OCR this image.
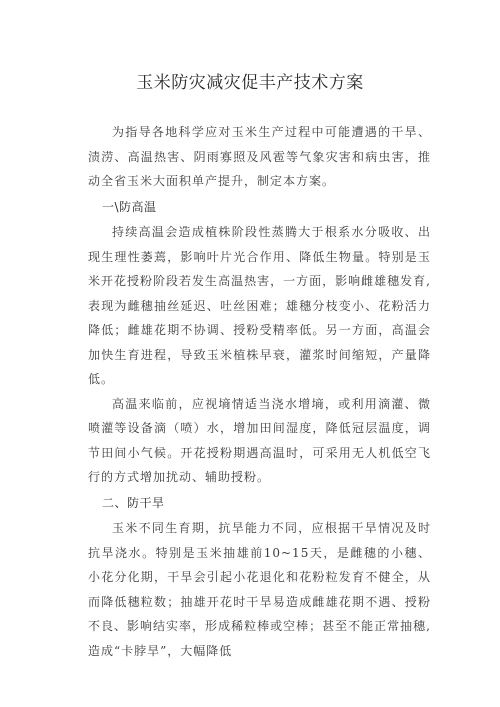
玉米防灾减灾促丰产技术方案

为指导各地科学应对玉米生产过程中可能遭遇的干旱、渍涝、高温热害、阴雨寡照及风雹等气象灾害和病虫害，推动全省玉米大面积单产提升，制定本方案。

一\防高温

持续高温会造成植株阶段性蒸腾大于根系水分吸收、出现生理性萎蔫，影响叶片光合作用、降低生物量。特别是玉米开花授粉阶段若发生高温热害，一方面，影响雌雄穗发育,表现为雌穗抽丝延迟、吐丝困难；雄穗分枝变小、花粉活力降低；雌雄花期不协调、授粉受精率低。另一方面，高温会加快生育进程，导致玉米植株早衰，灌浆时间缩短，产量降低。

高温来临前，应视墒情适当浇水增墒，或利用滴灌、微喷灌等设备滴（喷）水，增加田间湿度，降低冠层温度，调节田间小气候。开花授粉期遇高温时，可采用无人机低空飞行的方式增加扰动、辅助授粉。

二、防干旱

玉米不同生育期，抗旱能力不同，应根据干旱情况及时抗旱浇水。特别是玉米抽雄前10~15天，是雌穗的小穗、小花分化期，干旱会引起小花退化和花粉粒发育不健全，从而降低穗粒数；抽雄开花时干旱易造成雌雄花期不遇、授粉不良、影响结实率，形成稀粒棒或空棒；甚至不能正常抽穗,造成“卡脖旱”，大幅降低
